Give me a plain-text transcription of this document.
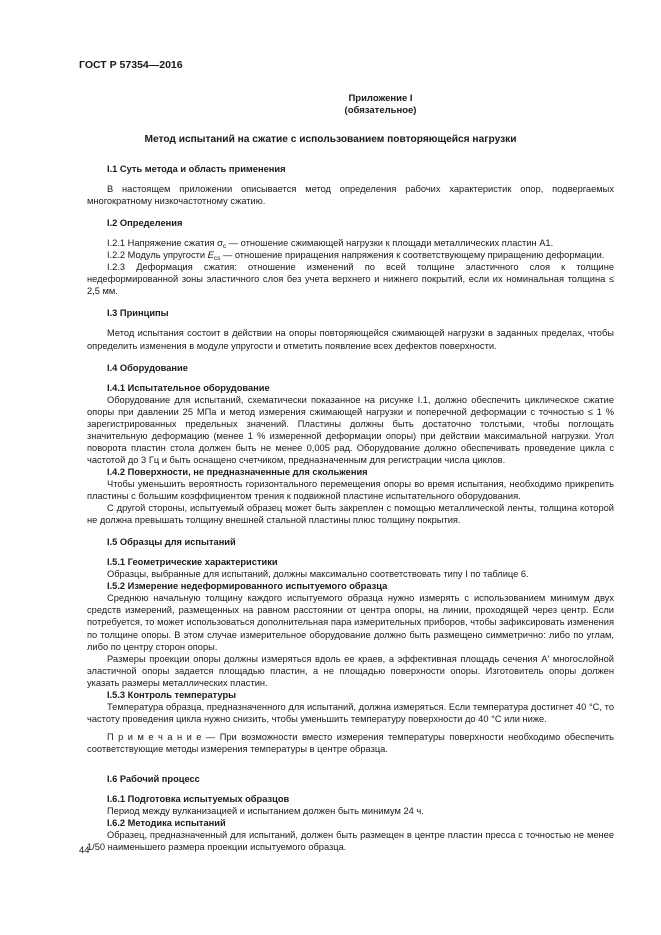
ГОСТ Р 57354—2016
Приложение I
(обязательное)
Метод испытаний на сжатие с использованием повторяющейся нагрузки
I.1 Суть метода и область применения
В настоящем приложении описывается метод определения рабочих характеристик опор, подвергаемых многократному низкочастотному сжатию.
I.2 Определения
I.2.1 Напряжение сжатия $\sigma_с$ — отношение сжимающей нагрузки к площади металлических пластин А1.
I.2.2 Модуль упругости $E_{cs}$ — отношение приращения напряжения к соответствующему приращению деформации.
I.2.3 Деформация сжатия: отношение изменений по всей толщине эластичного слоя к толщине недеформированной зоны эластичного слоя без учета верхнего и нижнего покрытий, если их номинальная толщина ≤ 2,5 мм.
I.3 Принципы
Метод испытания состоит в действии на опоры повторяющейся сжимающей нагрузки в заданных пределах, чтобы определить изменения в модуле упругости и отметить появление всех дефектов поверхности.
I.4 Оборудование
I.4.1 Испытательное оборудование
Оборудование для испытаний, схематически показанное на рисунке I.1, должно обеспечить циклическое сжатие опоры при давлении 25 МПа и метод измерения сжимающей нагрузки и поперечной деформации с точностью ≤ 1 % зарегистрированных предельных значений. Пластины должны быть достаточно толстыми, чтобы поглощать значительную деформацию (менее 1 % измеренной деформации опоры) при действии максимальной нагрузки. Угол поворота пластин стола должен быть не менее 0,005 рад. Оборудование должно обеспечивать проведение цикла с частотой до 3 Гц и быть оснащено счетчиком, предназначенным для регистрации числа циклов.
I.4.2 Поверхности, не предназначенные для скольжения
Чтобы уменьшить вероятность горизонтального перемещения опоры во время испытания, необходимо прикрепить пластины с большим коэффициентом трения к подвижной пластине испытательного оборудования.
С другой стороны, испытуемый образец может быть закреплен с помощью металлической ленты, толщина которой не должна превышать толщину внешней стальной пластины плюс толщину покрытия.
I.5 Образцы для испытаний
I.5.1 Геометрические характеристики
Образцы, выбранные для испытаний, должны максимально соответствовать типу I по таблице 6.
I.5.2 Измерение недеформированного испытуемого образца
Среднюю начальную толщину каждого испытуемого образца нужно измерять с использованием минимум двух средств измерений, размещенных на равном расстоянии от центра опоры, на линии, проходящей через центр. Если потребуется, то может использоваться дополнительная пара измерительных приборов, чтобы зафиксировать изменения по толщине опоры. В этом случае измерительное оборудование должно быть размещено симметрично: либо по углам, либо по центру сторон опоры.
Размеры проекции опоры должны измеряться вдоль ее краев, а эффективная площадь сечения А' многослойной эластичной опоры задается площадью пластин, а не площадью поверхности опоры. Изготовитель опоры должен указать размеры металлических пластин.
I.5.3 Контроль температуры
Температура образца, предназначенного для испытаний, должна измеряться. Если температура достигнет 40 °С, то частоту проведения цикла нужно снизить, чтобы уменьшить температуру поверхности до 40 °С или ниже.
П р и м е ч а н и е — При возможности вместо измерения температуры поверхности необходимо обеспечить соответствующие методы измерения температуры в центре образца.
I.6 Рабочий процесс
I.6.1 Подготовка испытуемых образцов
Период между вулканизацией и испытанием должен быть минимум 24 ч.
I.6.2 Методика испытаний
Образец, предназначенный для испытаний, должен быть размещен в центре пластин пресса с точностью не менее 1/50 наименьшего размера проекции испытуемого образца.
44
